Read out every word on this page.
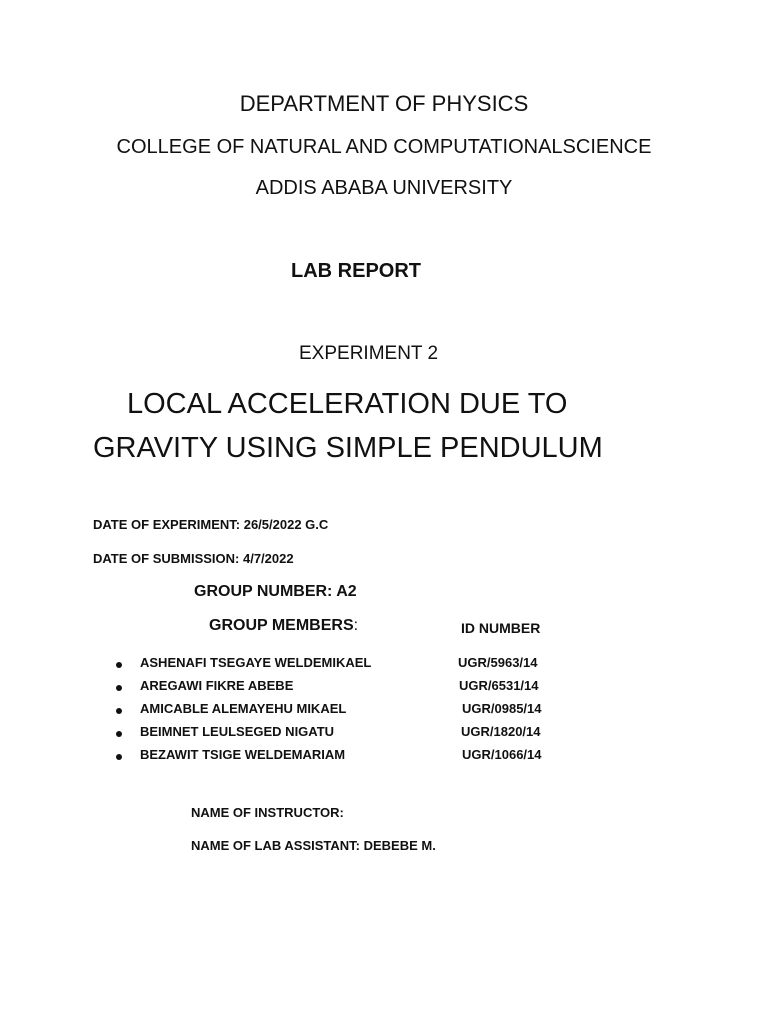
DEPARTMENT OF PHYSICS
COLLEGE OF NATURAL AND COMPUTATIONALSCIENCE
ADDIS ABABA UNIVERSITY
LAB REPORT
EXPERIMENT 2
LOCAL ACCELERATION DUE TO
GRAVITY USING SIMPLE PENDULUM
DATE OF EXPERIMENT: 26/5/2022 G.C
DATE OF SUBMISSION: 4/7/2022
GROUP NUMBER: A2
GROUP MEMBERS:	ID NUMBER
ASHENAFI TSEGAYE WELDEMIKAEL	UGR/5963/14
AREGAWI FIKRE ABEBE	UGR/6531/14
AMICABLE ALEMAYEHU MIKAEL	UGR/0985/14
BEIMNET LEULSEGED NIGATU	UGR/1820/14
BEZAWIT TSIGE WELDEMARIAM	UGR/1066/14
NAME OF INSTRUCTOR:
NAME OF LAB ASSISTANT: DEBEBE M.
